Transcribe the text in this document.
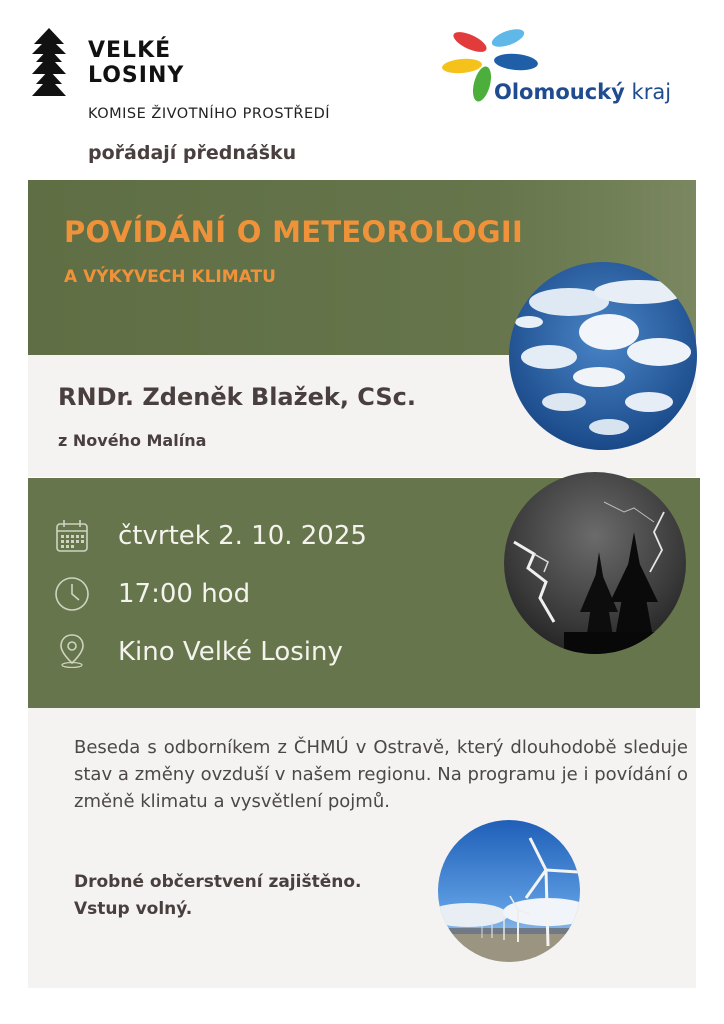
VELKÉ
LOSINY
KOMISE ŽIVOTNÍHO PROSTŘEDÍ
pořádají přednášku
Olomoucký kraj
POVÍDÁNÍ O METEOROLOGII
A VÝKYVECH KLIMATU
RNDr. Zdeněk Blažek, CSc.
z Nového Malína
čtvrtek 2. 10. 2025
17:00 hod
Kino Velké Losiny
Beseda s odborníkem z ČHMÚ v Ostravě, který dlouhodobě sleduje stav a změny ovzduší v našem regionu. Na programu je i povídání o změně klimatu a vysvětlení pojmů.
Drobné občerstvení zajištěno.
Vstup volný.
